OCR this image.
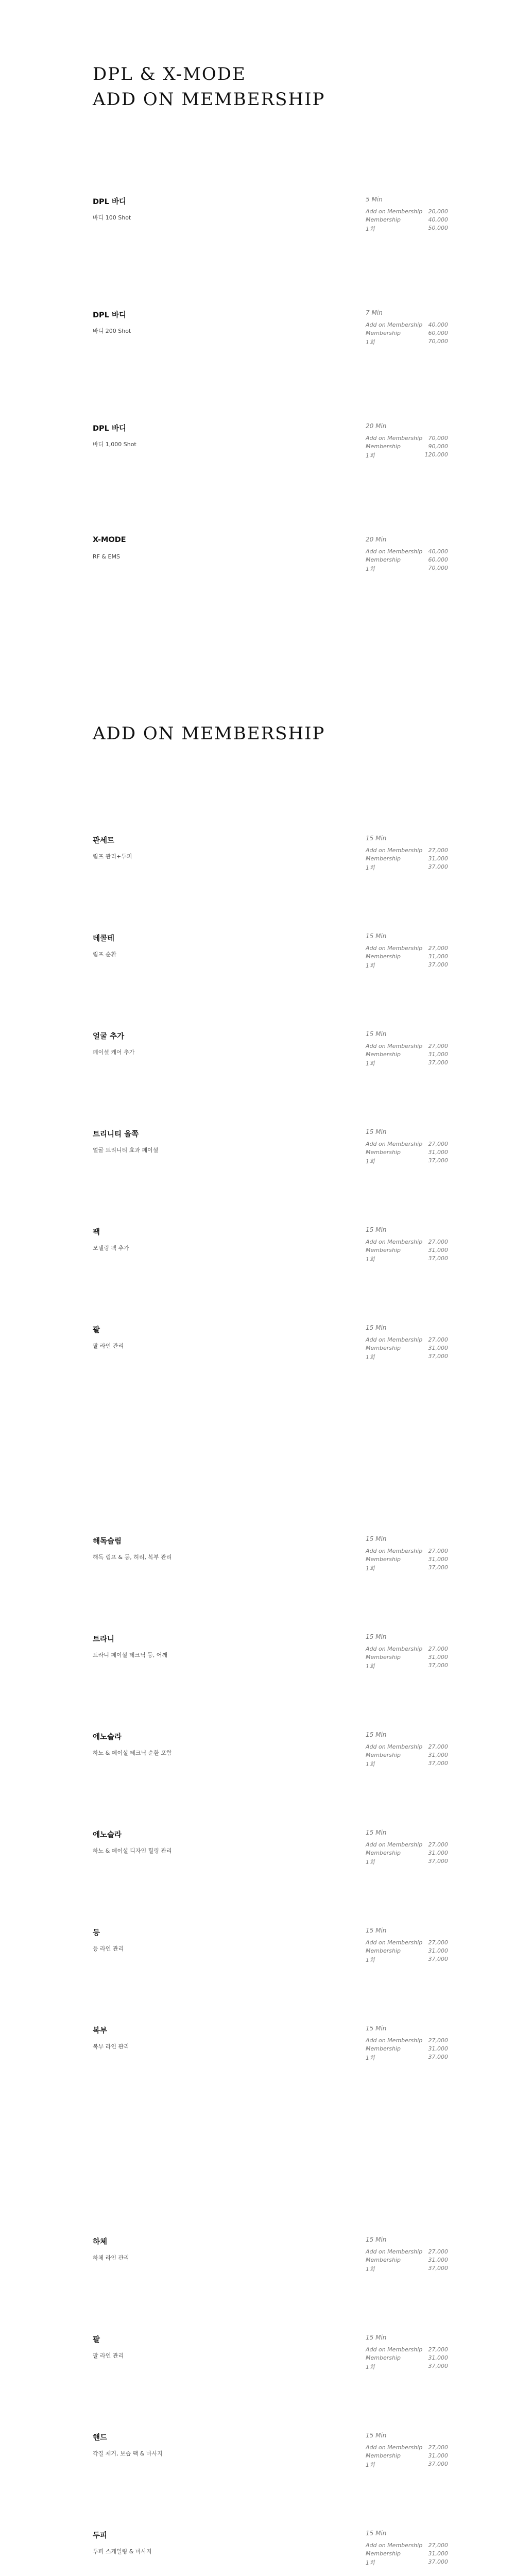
DPL & X-MODE
ADD ON MEMBERSHIP
DPL 바디
바디 100 Shot
5 Min
Add on Membership 20,000
Membership	40,000
1회	50,000
DPL 바디
바디 200 Shot
7 Min
Add on Membership 40,000
Membership	60,000
1회	70,000
DPL 바디
바디 1,000 Shot
20 Min
Add on Membership 70,000
Membership	90,000
1회	120,000
X-MODE
RF & EMS
20 Min
Add on Membership 40,000
Membership	60,000
1회	70,000
ADD ON MEMBERSHIP
관세트
림프 관리+두피
15 Min
Add on Membership 27,000
Membership	31,000
1회	37,000
데콜테
림프 순환
15 Min
Add on Membership 27,000
Membership	31,000
1회	37,000
얼굴 추가
페이셜 케어 추가
15 Min
Add on Membership 27,000
Membership	31,000
1회	37,000
트리니티 올쪽
얼굴 트리니티 효과 페이셜
15 Min
Add on Membership 27,000
Membership	31,000
1회	37,000
팩
모델링 팩 추가
15 Min
Add on Membership 27,000
Membership	31,000
1회	37,000
팔
팔 라인 관리
15 Min
Add on Membership 27,000
Membership	31,000
1회	37,000
해독슬림
해독 림프 & 등, 허리, 복부 관리
15 Min
Add on Membership 27,000
Membership	31,000
1회	37,000
트라니
트라니 페이셜 테크닉 등, 어깨
15 Min
Add on Membership 27,000
Membership	31,000
1회	37,000
에노슬라
하노 & 페이셜 테크닉 순환 포함
15 Min
Add on Membership 27,000
Membership	31,000
1회	37,000
에노슬라
하노 & 페이셜 디자인 힐링 관리
15 Min
Add on Membership 27,000
Membership	31,000
1회	37,000
등
등 라인 관리
15 Min
Add on Membership 27,000
Membership	31,000
1회	37,000
복부
복부 라인 관리
15 Min
Add on Membership 27,000
Membership	31,000
1회	37,000
하체
하체 라인 관리
15 Min
Add on Membership 27,000
Membership	31,000
1회	37,000
팔
팔 라인 관리
15 Min
Add on Membership 27,000
Membership	31,000
1회	37,000
핸드
각질 제거, 보습 팩 & 마사지
15 Min
Add on Membership 27,000
Membership	31,000
1회	37,000
두피
두피 스케일링 & 마사지
15 Min
Add on Membership 27,000
Membership	31,000
1회	37,000
